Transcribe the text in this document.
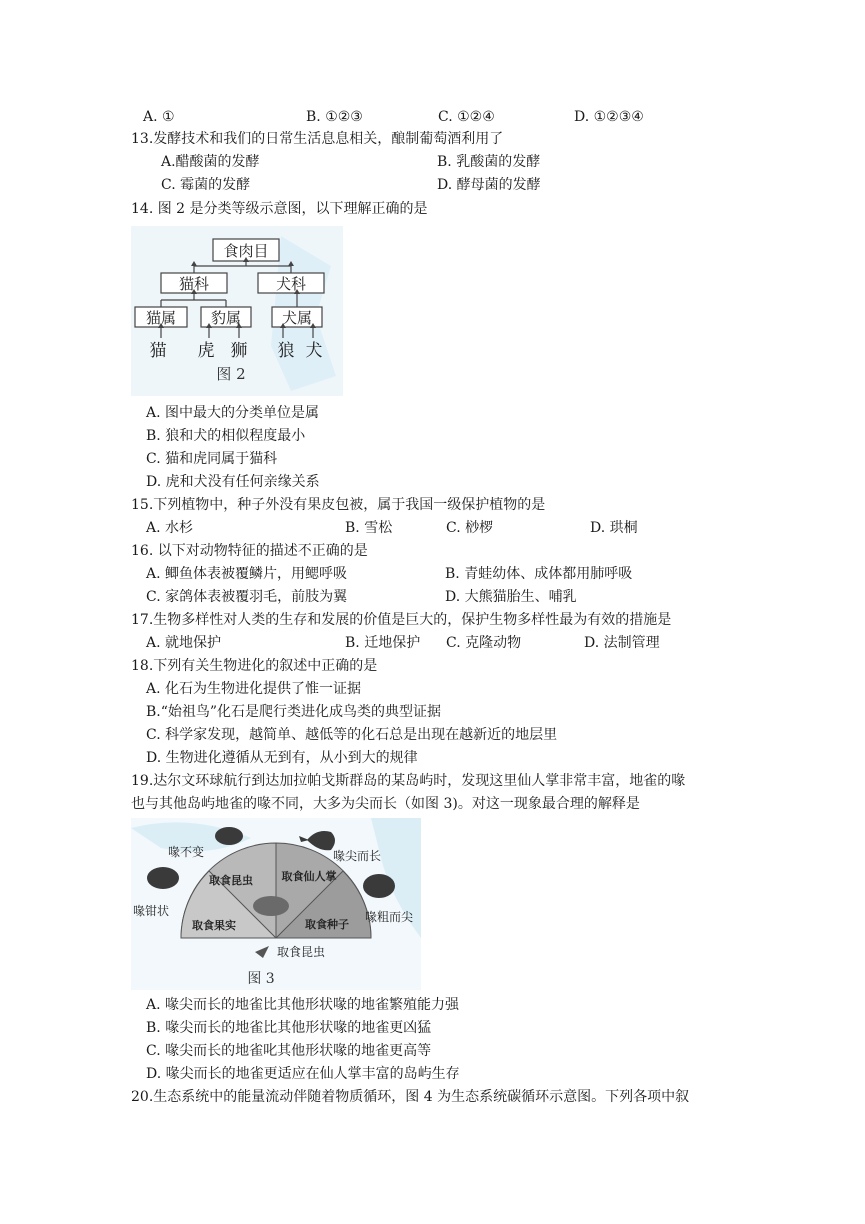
A. ①	B. ①②③	C. ①②④	D. ①②③④
13.发酵技术和我们的日常生活息息相关，酿制葡萄酒利用了
A.醋酸菌的发酵	B. 乳酸菌的发酵
C. 霉菌的发酵	D. 酵母菌的发酵
14. 图 2 是分类等级示意图，以下理解正确的是
食肉目
猫科	犬科
猫属 豹属	犬属
猫 虎 狮 狼 犬
图 2
A. 图中最大的分类单位是属
B. 狼和犬的相似程度最小
C. 猫和虎同属于猫科
D. 虎和犬没有任何亲缘关系
15.下列植物中，种子外没有果皮包被，属于我国一级保护植物的是
A. 水杉	B. 雪松	C. 桫椤	D. 珙桐
16. 以下对动物特征的描述不正确的是
A. 鲫鱼体表被覆鳞片，用鳃呼吸	B. 青蛙幼体、成体都用肺呼吸
C. 家鸽体表被覆羽毛，前肢为翼	D. 大熊猫胎生、哺乳
17.生物多样性对人类的生存和发展的价值是巨大的，保护生物多样性最为有效的措施是
A. 就地保护	B. 迁地保护 C. 克隆动物	D. 法制管理
18.下列有关生物进化的叙述中正确的是
A. 化石为生物进化提供了惟一证据
B.“始祖鸟”化石是爬行类进化成鸟类的典型证据
C. 科学家发现，越简单、越低等的化石总是出现在越新近的地层里
D. 生物进化遵循从无到有，从小到大的规律
19.达尔文环球航行到达加拉帕戈斯群岛的某岛屿时，发现这里仙人掌非常丰富，地雀的喙
也与其他岛屿地雀的喙不同，大多为尖而长（如图 3)。对这一现象最合理的解释是
取食昆虫	取食仙人掌
取食果实	取食种子
喙不变	喙尖而长
喙钳状	喙粗而尖
取食昆虫
图 3
A. 喙尖而长的地雀比其他形状喙的地雀繁殖能力强
B. 喙尖而长的地雀比其他形状喙的地雀更凶猛
C. 喙尖而长的地雀叱其他形状喙的地雀更高等
D. 喙尖而长的地雀更适应在仙人掌丰富的岛屿生存
20.生态系统中的能量流动伴随着物质循环，图 4 为生态系统碳循环示意图。下列各项中叙
